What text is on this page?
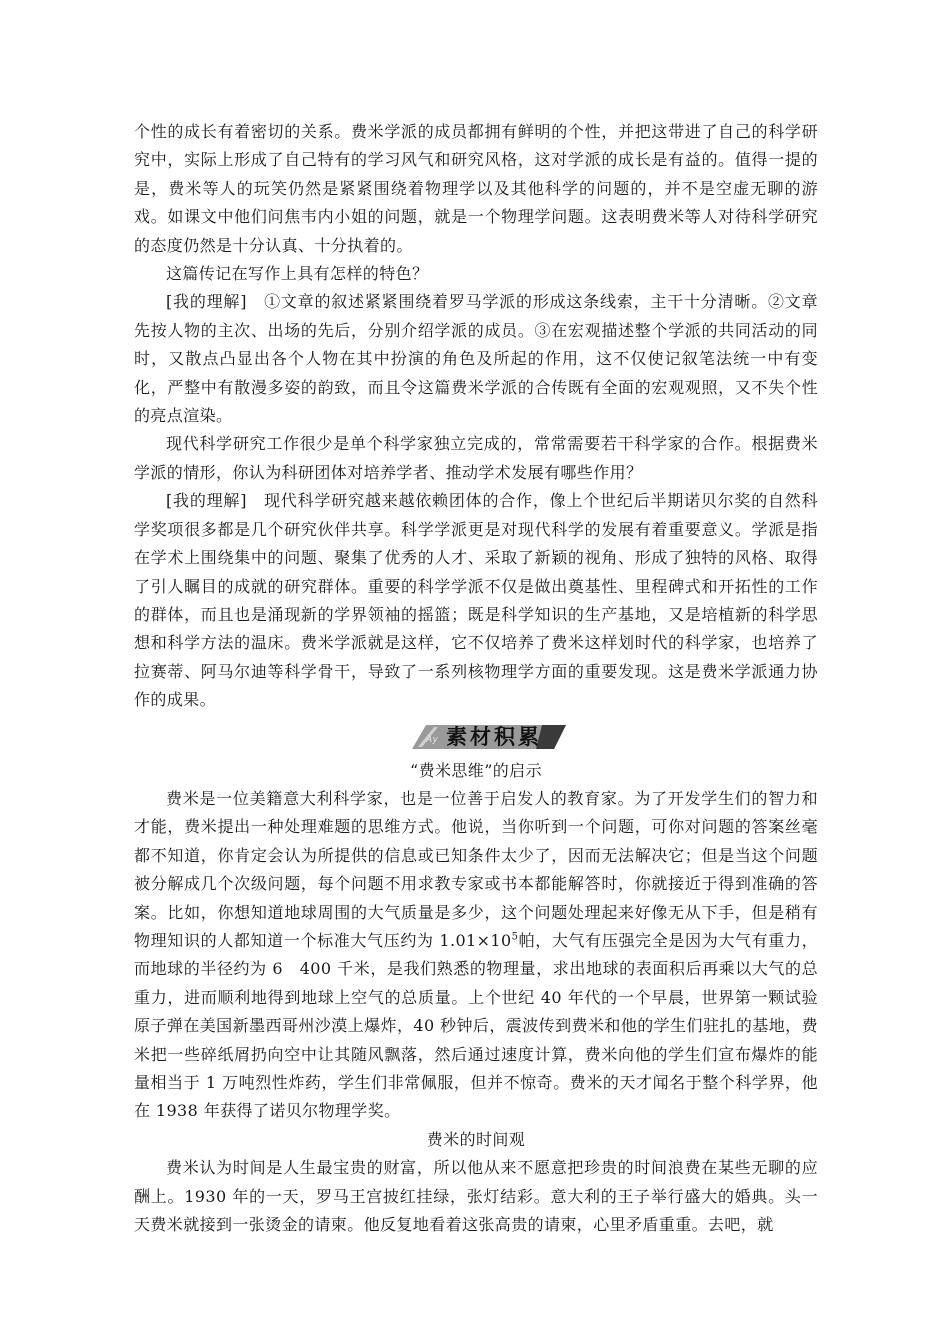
个性的成长有着密切的关系。费米学派的成员都拥有鲜明的个性，并把这带进了自己的科学研究中，实际上形成了自己特有的学习风气和研究风格，这对学派的成长是有益的。值得一提的是，费米等人的玩笑仍然是紧紧围绕着物理学以及其他科学的问题的，并不是空虚无聊的游戏。如课文中他们问焦韦内小姐的问题，就是一个物理学问题。这表明费米等人对待科学研究的态度仍然是十分认真、十分执着的。

这篇传记在写作上具有怎样的特色？

[我的理解]　 ①文章的叙述紧紧围绕着罗马学派的形成这条线索，主干十分清晰。②文章先按人物的主次、出场的先后，分别介绍学派的成员。③在宏观描述整个学派的共同活动的同时，又散点凸显出各个人物在其中扮演的角色及所起的作用，这不仅使记叙笔法统一中有变化，严整中有散漫多姿的韵致，而且令这篇费米学派的合传既有全面的宏观观照，又不失个性的亮点渲染。

现代科学研究工作很少是单个科学家独立完成的，常常需要若干科学家的合作。根据费米学派的情形，你认为科研团体对培养学者、推动学术发展有哪些作用？

[我的理解]　 现代科学研究越来越依赖团体的合作，像上个世纪后半期诺贝尔奖的自然科学奖项很多都是几个研究伙伴共享。科学学派更是对现代科学的发展有着重要意义。学派是指在学术上围绕集中的问题、聚集了优秀的人才、采取了新颖的视角、形成了独特的风格、取得了引人瞩目的成就的研究群体。重要的科学学派不仅是做出奠基性、里程碑式和开拓性的工作的群体，而且也是涌现新的学界领袖的摇篮；既是科学知识的生产基地，又是培植新的科学思想和科学方法的温床。费米学派就是这样，它不仅培养了费米这样划时代的科学家，也培养了拉赛蒂、阿马尔迪等科学骨干，导致了一系列核物理学方面的重要发现。这是费米学派通力协作的成果。

Ay 素材积累

“费米思维”的启示

费米是一位美籍意大利科学家，也是一位善于启发人的教育家。为了开发学生们的智力和才能，费米提出一种处理难题的思维方式。他说，当你听到一个问题，可你对问题的答案丝毫都不知道，你肯定会认为所提供的信息或已知条件太少了，因而无法解决它；但是当这个问题被分解成几个次级问题，每个问题不用求教专家或书本都能解答时，你就接近于得到准确的答案。比如，你想知道地球周围的大气质量是多少，这个问题处理起来好像无从下手，但是稍有物理知识的人都知道一个标准大气压约为 $1.01\times 10^5$帕，大气有压强完全是因为大气有重力，而地球的半径约为 6　400 千米，是我们熟悉的物理量，求出地球的表面积后再乘以大气的总重力，进而顺利地得到地球上空气的总质量。上个世纪 40 年代的一个早晨，世界第一颗试验原子弹在美国新墨西哥州沙漠上爆炸，40 秒钟后，震波传到费米和他的学生们驻扎的基地，费米把一些碎纸屑扔向空中让其随风飘落，然后通过速度计算，费米向他的学生们宣布爆炸的能量相当于 1 万吨烈性炸药，学生们非常佩服，但并不惊奇。费米的天才闻名于整个科学界，他在 1938 年获得了诺贝尔物理学奖。

费米的时间观

费米认为时间是人生最宝贵的财富，所以他从来不愿意把珍贵的时间浪费在某些无聊的应酬上。1930 年的一天，罗马王宫披红挂绿，张灯结彩。意大利的王子举行盛大的婚典。头一天费米就接到一张烫金的请柬。他反复地看着这张高贵的请柬，心里矛盾重重。去吧，就
